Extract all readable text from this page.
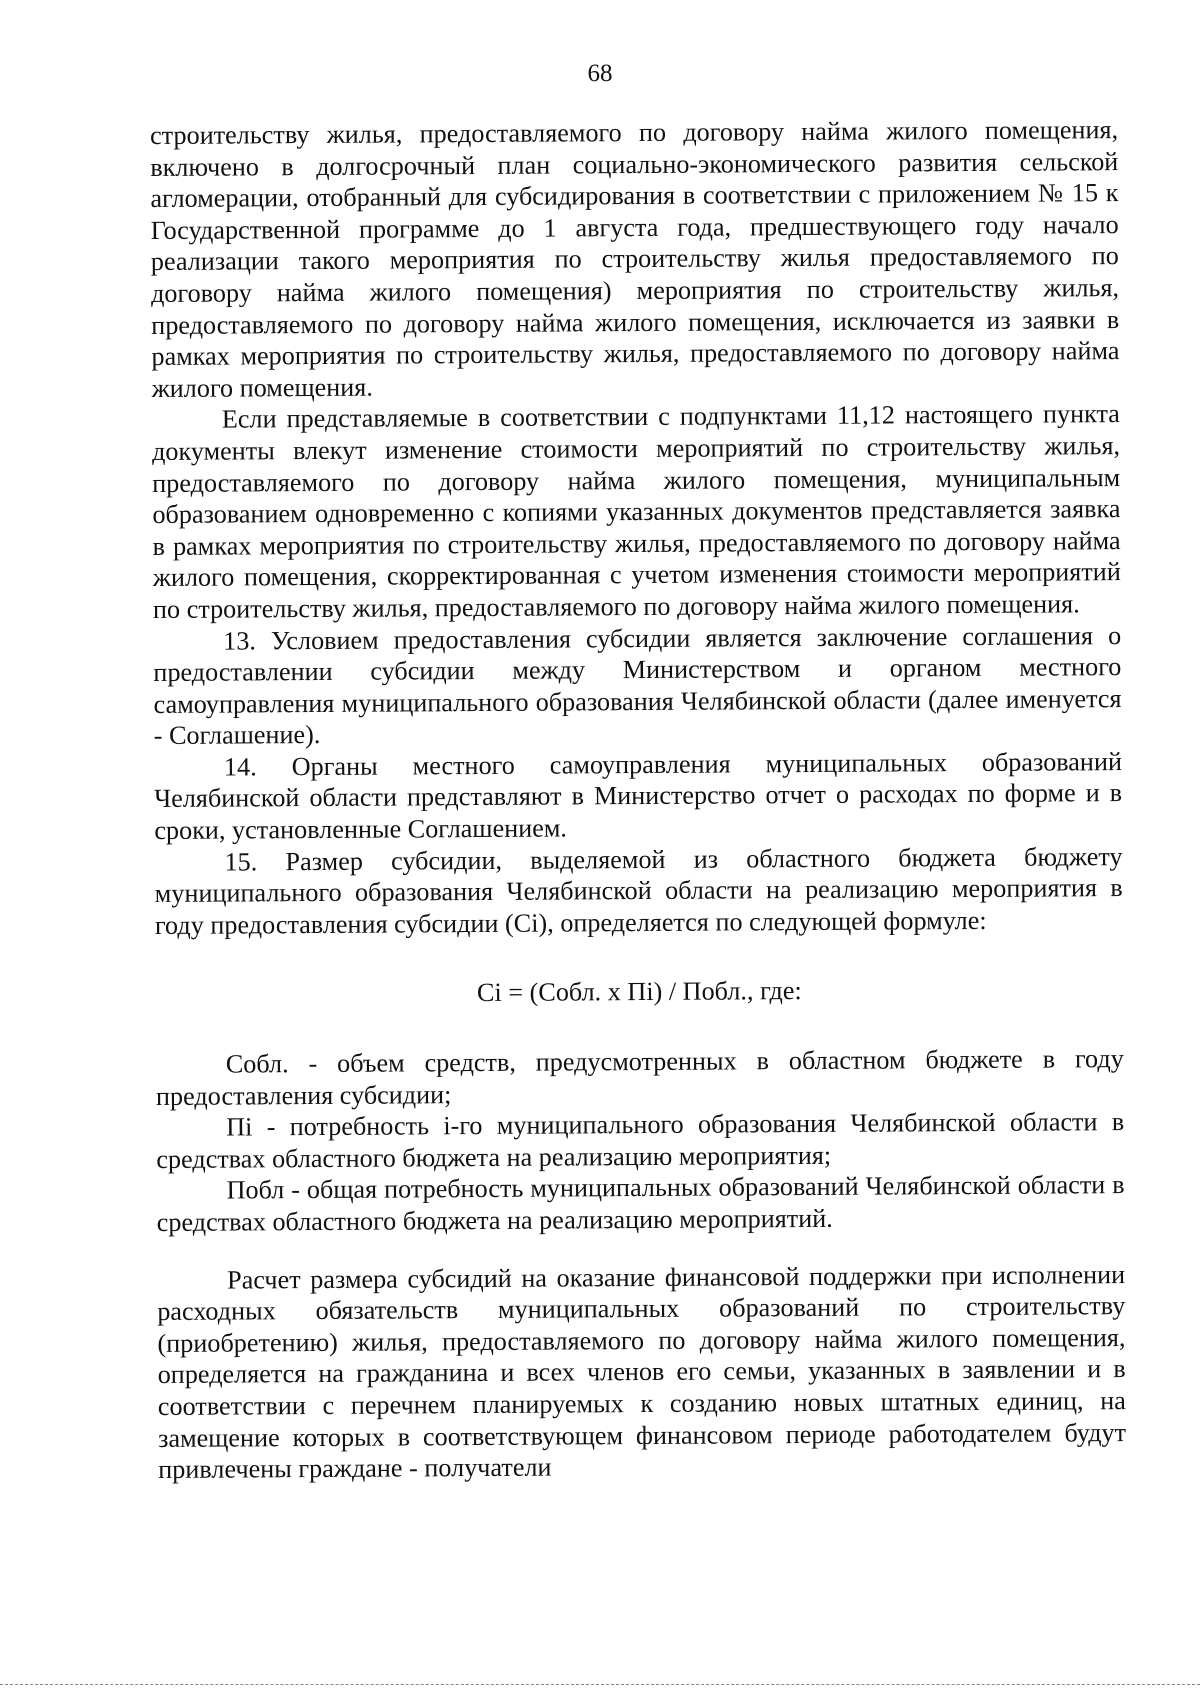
68

строительству жилья, предоставляемого по договору найма жилого помещения, включено в долгосрочный план социально-экономического развития сельской агломерации, отобранный для субсидирования в соответствии с приложением № 15 к Государственной программе до 1 августа года, предшествующего году начало реализации такого мероприятия по строительству жилья предоставляемого по договору найма жилого помещения) мероприятия по строительству жилья, предоставляемого по договору найма жилого помещения, исключается из заявки в рамках мероприятия по строительству жилья, предоставляемого по договору найма жилого помещения.

Если представляемые в соответствии с подпунктами 11,12 настоящего пункта документы влекут изменение стоимости мероприятий по строительству жилья, предоставляемого по договору найма жилого помещения, муниципальным образованием одновременно с копиями указанных документов представляется заявка в рамках мероприятия по строительству жилья, предоставляемого по договору найма жилого помещения, скорректированная с учетом изменения стоимости мероприятий по строительству жилья, предоставляемого по договору найма жилого помещения.

13. Условием предоставления субсидии является заключение соглашения о предоставлении субсидии между Министерством и органом местного самоуправления муниципального образования Челябинской области (далее именуется - Соглашение).

14. Органы местного самоуправления муниципальных образований Челябинской области представляют в Министерство отчет о расходах по форме и в сроки, установленные Соглашением.

15. Размер субсидии, выделяемой из областного бюджета бюджету муниципального образования Челябинской области на реализацию мероприятия в году предоставления субсидии (Ci), определяется по следующей формуле:

Ci = (Собл. х Пi) / Побл., где:

Собл. - объем средств, предусмотренных в областном бюджете в году предоставления субсидии;

Пi - потребность i-го муниципального образования Челябинской области в средствах областного бюджета на реализацию мероприятия;

Побл - общая потребность муниципальных образований Челябинской области в средствах областного бюджета на реализацию мероприятий.

Расчет размера субсидий на оказание финансовой поддержки при исполнении расходных обязательств муниципальных образований по строительству (приобретению) жилья, предоставляемого по договору найма жилого помещения, определяется на гражданина и всех членов его семьи, указанных в заявлении и в соответствии с перечнем планируемых к созданию новых штатных единиц, на замещение которых в соответствующем финансовом периоде работодателем будут привлечены граждане - получатели
